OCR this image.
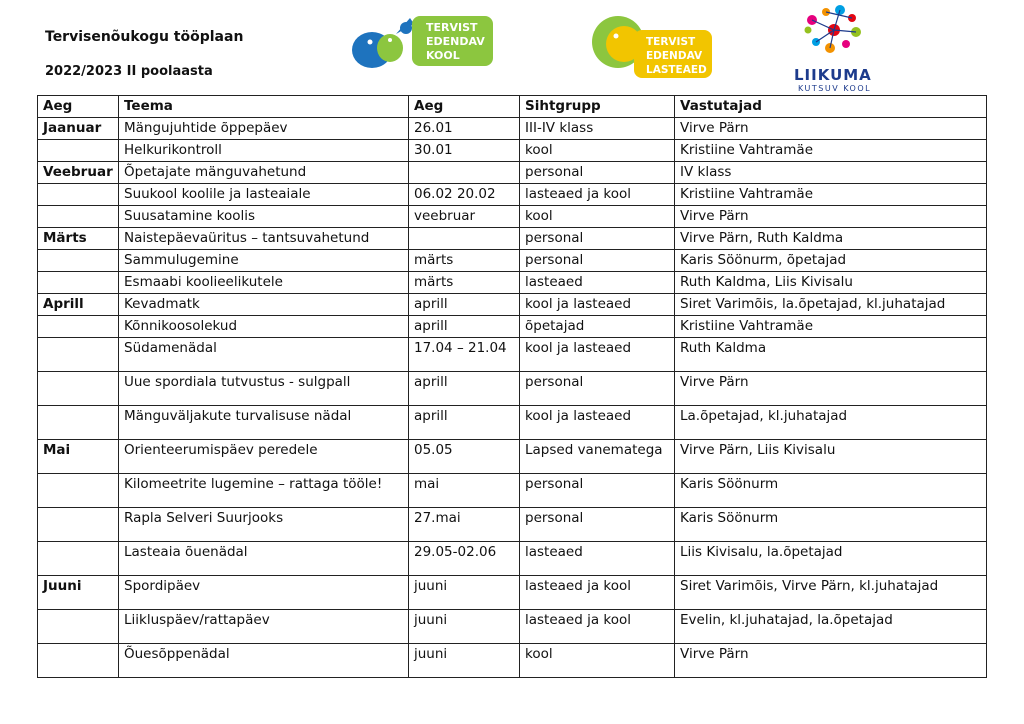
Tervisenõukogu tööplaan
2022/2023 II poolaasta
TERVIST
EDENDAV
KOOL
TERVIST
EDENDAV
LASTEAED	LIIKUMA
KUTSUV KOOL
Aeg	Teema	Aeg	Sihtgrupp	Vastutajad
Jaanuar	Mängujuhtide õppepäev	26.01	III-IV klass	Virve Pärn
	Helkurikontroll	30.01	kool	Kristiine Vahtramäe
Veebruar	Õpetajate mänguvahetund		personal	IV klass
	Suukool koolile ja lasteaiale	06.02 20.02	lasteaed ja kool	Kristiine Vahtramäe
	Suusatamine koolis	veebruar	kool	Virve Pärn
Märts	Naistepäevaüritus – tantsuvahetund		personal	Virve Pärn, Ruth Kaldma
	Sammulugemine	märts	personal	Karis Söönurm, õpetajad
	Esmaabi koolieelikutele	märts	lasteaed	Ruth Kaldma, Liis Kivisalu
Aprill	Kevadmatk	aprill	kool ja lasteaed	Siret Varimõis, la.õpetajad, kl.juhatajad
	Kõnnikoosolekud	aprill	õpetajad	Kristiine Vahtramäe
	Südamenädal	17.04 – 21.04	kool ja lasteaed	Ruth Kaldma
	Uue spordiala tutvustus - sulgpall	aprill	personal	Virve Pärn
	Mänguväljakute turvalisuse nädal	aprill	kool ja lasteaed	La.õpetajad, kl.juhatajad
Mai	Orienteerumispäev peredele	05.05	Lapsed vanematega	Virve Pärn, Liis Kivisalu
	Kilomeetrite lugemine – rattaga tööle!	mai	personal	Karis Söönurm
	Rapla Selveri Suurjooks	27.mai	personal	Karis Söönurm
	Lasteaia õuenädal	29.05-02.06	lasteaed	Liis Kivisalu, la.õpetajad
Juuni	Spordipäev	juuni	lasteaed ja kool	Siret Varimõis, Virve Pärn, kl.juhatajad
	Liikluspäev/rattapäev	juuni	lasteaed ja kool	Evelin, kl.juhatajad, la.õpetajad
	Õuesõppenädal	juuni	kool	Virve Pärn
